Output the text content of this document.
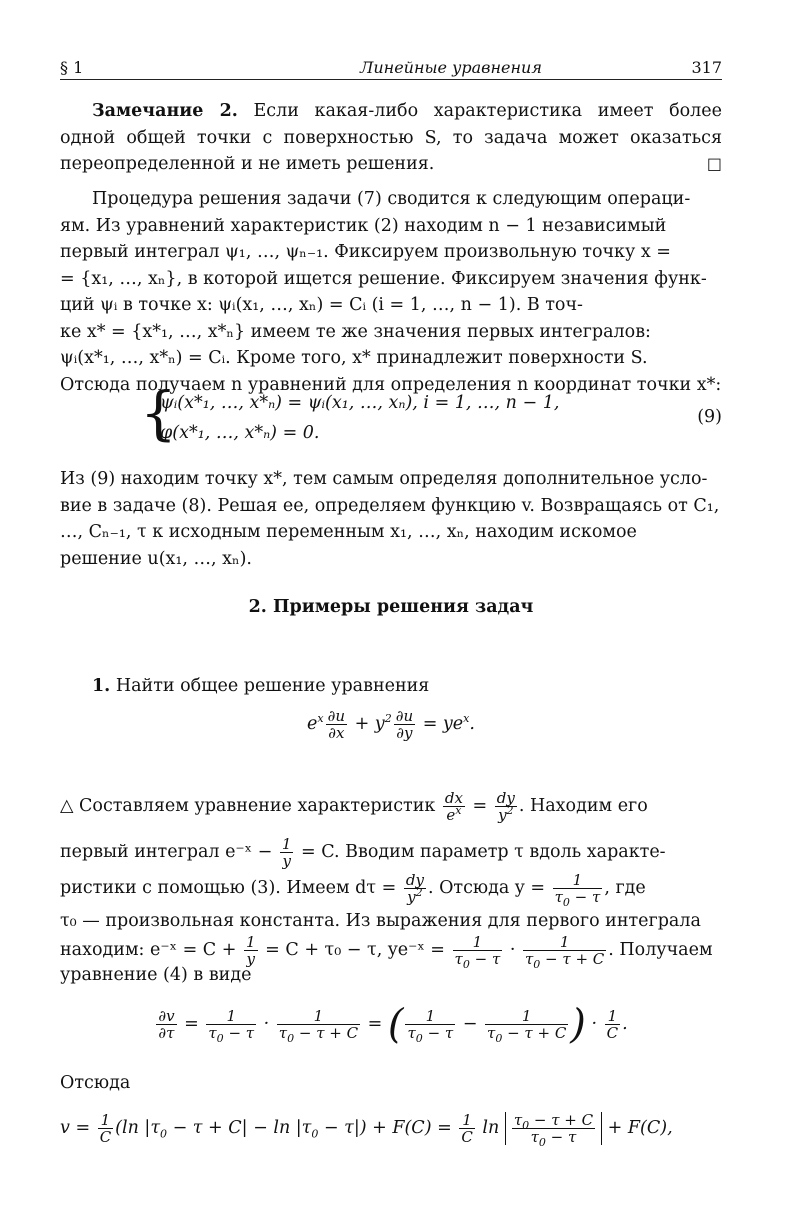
§ 1	Линейные уравнения	317

Замечание 2. Если какая-либо характеристика имеет более одной общей точки с поверхностью S, то задача может оказаться переопределенной и не иметь решения.	□

Процедура решения задачи (7) сводится к следующим операци-
ям. Из уравнений характеристик (2) находим n − 1 независимый
первый интеграл ψ₁, …, ψₙ₋₁. Фиксируем произвольную точку x =
= {x₁, …, xₙ}, в которой ищется решение. Фиксируем значения функ-
ций ψᵢ в точке x: ψᵢ(x₁, …, xₙ) = Cᵢ (i = 1, …, n − 1). В точ-
ке x* = {x*₁, …, x*ₙ} имеем те же значения первых интегралов:
ψᵢ(x*₁, …, x*ₙ) = Cᵢ. Кроме того, x* принадлежит поверхности S.
Отсюда получаем n уравнений для определения n координат точки x*:
{
ψᵢ(x*₁, …, x*ₙ) = ψᵢ(x₁, …, xₙ), i = 1, …, n − 1,
φ(x*₁, …, x*ₙ) = 0.
(9)
Из (9) находим точку x*, тем самым определяя дополнительное усло-
вие в задаче (8). Решая ее, определяем функцию v. Возвращаясь от C₁,
…, Cₙ₋₁, τ к исходным переменным x₁, …, xₙ, находим искомое
решение u(x₁, …, xₙ).
2. Примеры решения задач
1. Найти общее решение уравнения
$e^x \frac{\partial u}{\partial x} + y^2 \frac{\partial u}{\partial y} = ye^x$.
△ Составляем уравнение характеристик $\frac{dx}{e^x} = \frac{dy}{y^2}$ . Находим его
первый интеграл e⁻ˣ − $\frac{1}{y} = C$. Вводим параметр τ вдоль характе-
ристики с помощью (3). Имеем $d\tau = \frac{dy}{y^2}$ . Отсюда $y = \frac{1}{\tau_0 - \tau}$ , где
τ₀ — произвольная константа. Из выражения для первого интеграла
находим: e⁻ˣ = $C + \frac{1}{y} = C + \tau_0 - \tau$, ye⁻ˣ = $\frac{1}{\tau_0 - \tau} \cdot \frac{1}{\tau_0 - \tau + C}$ . Получаем
уравнение (4) в виде
$\frac{\partial v}{\partial\tau} = \frac{1}{\tau_0 - \tau} \cdot \frac{1}{\tau_0 - \tau + C}$ = ( $\frac{1}{\tau_0 - \tau} - \frac{1}{\tau_0 - \tau + C}$ ) · $\frac{1}{C}$ .
Отсюда
$v = \frac{1}{C} (\ln$ $|\tau_0 - \tau + C| - \ln |\tau_0 - \tau|) + F(C) = \frac{1}{C}$ $\ln \frac{\tau_0 - \tau + C}{\tau_0 - \tau} + F(C)$,
